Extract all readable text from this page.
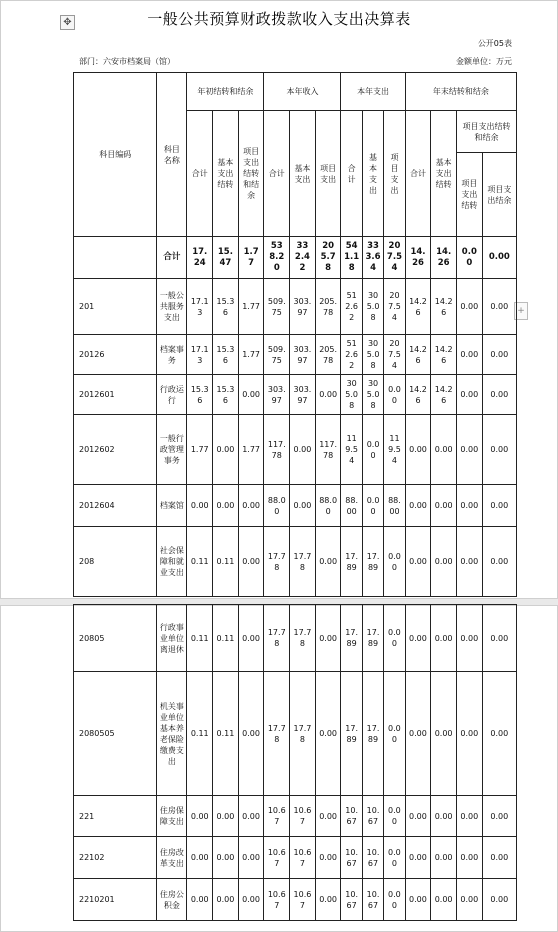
✥	一般公共预算财政拨款收入支出决算表
公开05表
部门：六安市档案局（馆）	金额单位：万元
+
科目编码	科目名称	年初结转和结余			本年收入			本年支出			年末结转和结余			
		合计	基本支出结转	项目支出结转和结余	合计	基本支出	项目支出	合计	基本支出	项目支出	合计	基本支出结转	项目支出结转和结余	
													项目支出结转	项目支出结余
	合计	17.24	15.47	1.77	538.20	332.42	205.78	541.18	333.64	207.54	14.26	14.26	0.00	0.00
201	一般公共服务支出	17.13	15.36	1.77	509.75	303.97	205.78	512.62	305.08	207.54	14.26	14.26	0.00	0.00
20126	档案事务	17.13	15.36	1.77	509.75	303.97	205.78	512.62	305.08	207.54	14.26	14.26	0.00	0.00
2012601	行政运行	15.36	15.36	0.00	303.97	303.97	0.00	305.08	305.08	0.00	14.26	14.26	0.00	0.00
2012602	一般行政管理事务	1.77	0.00	1.77	117.78	0.00	117.78	119.54	0.00	119.54	0.00	0.00	0.00	0.00
2012604	档案馆	0.00	0.00	0.00	88.00	0.00	88.00	88.00	0.00	88.00	0.00	0.00	0.00	0.00
208	社会保障和就业支出	0.11	0.11	0.00	17.78	17.78	0.00	17.89	17.89	0.00	0.00	0.00	0.00	0.00
20805	行政事业单位离退休	0.11	0.11	0.00	17.78	17.78	0.00	17.89	17.89	0.00	0.00	0.00	0.00	0.00
2080505	机关事业单位基本养老保险缴费支出	0.11	0.11	0.00	17.78	17.78	0.00	17.89	17.89	0.00	0.00	0.00	0.00	0.00
221	住房保障支出	0.00	0.00	0.00	10.67	10.67	0.00	10.67	10.67	0.00	0.00	0.00	0.00	0.00
22102	住房改革支出	0.00	0.00	0.00	10.67	10.67	0.00	10.67	10.67	0.00	0.00	0.00	0.00	0.00
2210201	住房公积金	0.00	0.00	0.00	10.67	10.67	0.00	10.67	10.67	0.00	0.00	0.00	0.00	0.00
